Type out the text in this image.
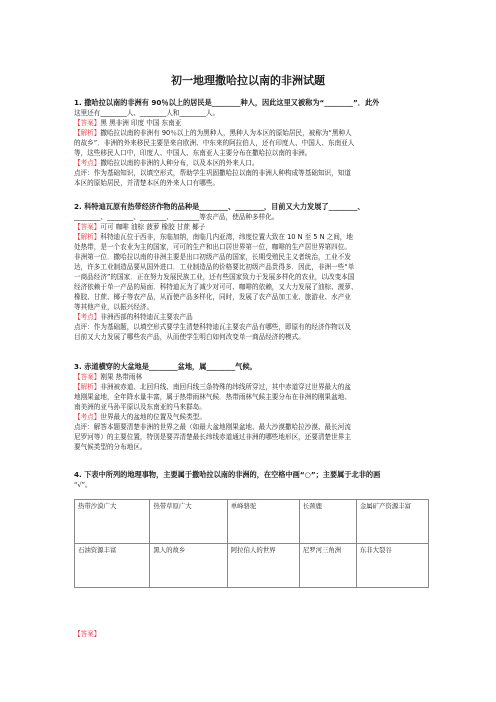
初一地理撒哈拉以南的非洲试题
1. 撒哈拉以南的非洲有 90％以上的居民是________种人，因此这里又被称为“________”．此外
这里还有________人、________人和________人。
【答案】黑 黑非洲 印度 中国 东南亚
【解析】撒哈拉以南的非洲有 90％以上的为黑种人，黑种人为本区的原始居民，被称为“黑种人
的故乡”．非洲的外来移民主要是来自欧洲、中东来的阿拉伯人，还有印度人、中国人、东南亚人
等，这些移民人口中，印度人、中国人、东南亚人主要分布在撒哈拉以南的非洲。
【考点】撒哈拉以南的非洲的人种分布，以及本区的外来人口。
点评：作为基础知识，以填空形式，帮助学生巩固撒哈拉以南的非洲人种构成等基础知识，知道
本区的原始居民，并清楚本区的外来人口有哪些。
2. 科特迪瓦原有热带经济作物的品种是________、________，目前又大力发展了________、
________、________、________、________等农产品，使品种多样化。
【答案】可可 咖啡 油棕 菠萝 橡胶 甘蔗 椰子
【解析】科特迪瓦位于西非，东临加纳，南临几内亚湾，纬度位置大致在 10 N 至 5 N 之间，地
处热带，是一个农业为主的国家，可可的生产和出口居世界第一位，咖啡的生产居世界第四位。
非洲第一位．撒哈拉以南的非洲主要是出口初级产品的国家，长期受殖民主义者统治，工业不发
达，许多工业制造品要从国外进口．工业制造品的价格要比初级产品贵得多．因此，非洲一些“单
一商品经济”的国家．正在努力发展民族工业，还有些国家致力于发展多样化的农业，以改变本国
经济依赖于单一产品的局面．科特迪瓦为了减少对可可、咖啡的依赖，又大力发展了油棕、菠萝、
橡胶、甘蔗、椰子等农产品，从而使产品多样化，同时，发展了农产品加工业、旅游业、水产业
等其他产业，以振兴经济。
【考点】非洲西部的科特迪瓦主要农产品
点评：作为基础题，以填空形式要学生清楚科特迪瓦主要农产品有哪些，即原有的经济作物以及
目前又大力发展了哪些农产品，从而使学生明白如何改变单一商品经济的模式。
3. 赤道横穿的大盆地是________盆地，属________气候。
【答案】刚果 热带雨林
【解析】非洲被赤道、北回归线、南回归线三条特殊的纬线所穿过，其中赤道穿过世界最大的盆
地刚果盆地，全年降水量丰富，属于热带雨林气候．热带雨林气候主要分布在非洲的刚果盆地、
南美洲的亚马孙平原以及东南亚的马来群岛。
【考点】世界最大的盆地的位置及气候类型。
点评：解答本题要清楚非洲的世界之最（如最大盆地刚果盆地、最大沙漠撒哈拉沙漠、最长河流
尼罗河等）的主要位置，特别是要弄清楚最长纬线赤道通过非洲的哪些地形区，还要清楚世界主
要气候类型的分布地区。
4. 下表中所列的地理事物，主要属于撒哈拉以南的非洲的，在空格中画“○”；主要属于北非的画
“√”。
热带沙漠广大	热带草原广大	单峰骆驼	长颈鹿	金属矿产资源丰富
石油资源丰富	黑人的故乡	阿拉伯人的世界	尼罗河三角洲	东非大裂谷
【答案】
